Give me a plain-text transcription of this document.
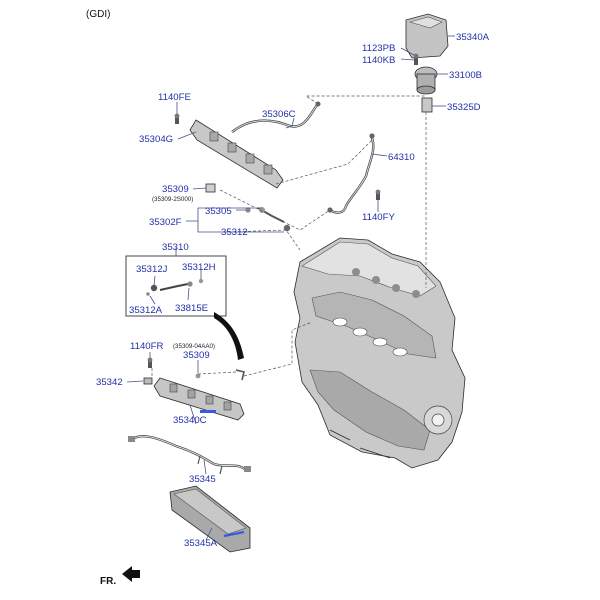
(GDI)
35340A
1123PB
1140KB
33100B
35325D
1140FE
35306C
35304G
64310
35309
(35309-2S000)
1140FY
35305
35302F
35312
35310
35312J 35312H
35312A 33815E
1140FR (35309-04AA0)
35309
35342
35340C
35345
35345A
FR.
